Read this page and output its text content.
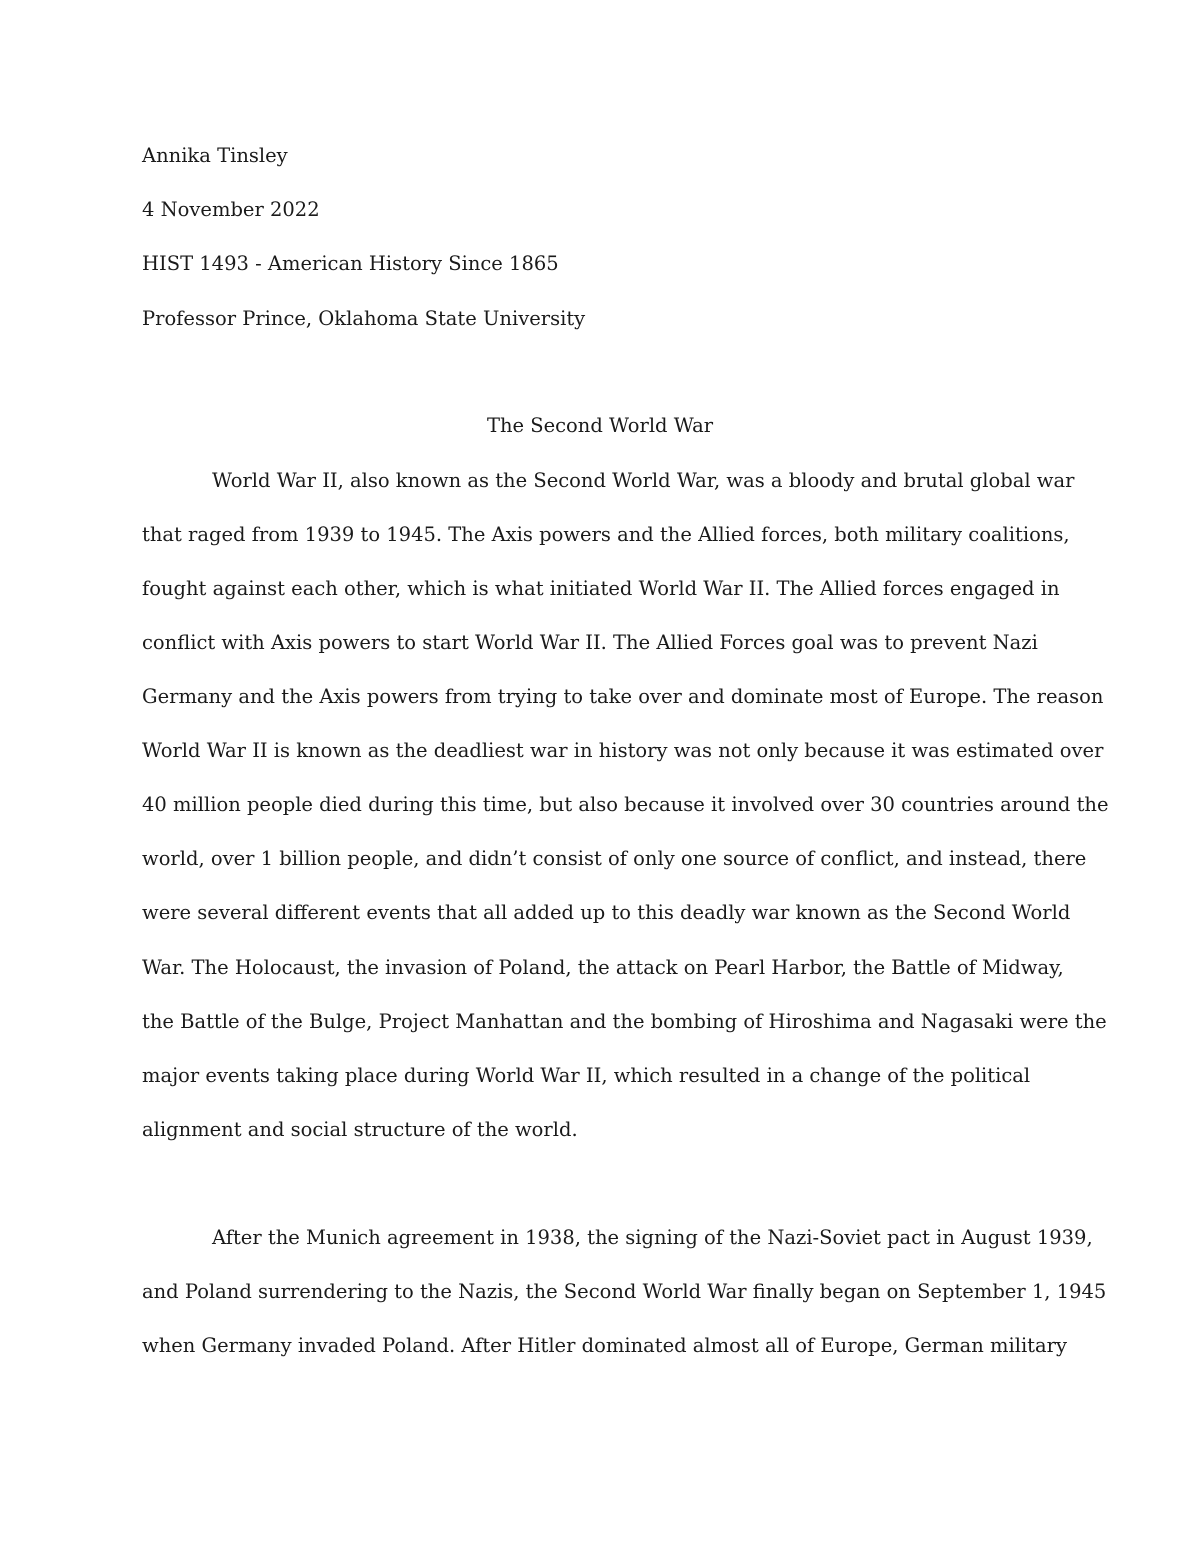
Annika Tinsley
4 November 2022
HIST 1493 - American History Since 1865
Professor Prince, Oklahoma State University
The Second World War
World War II, also known as the Second World War, was a bloody and brutal global war
that raged from 1939 to 1945. The Axis powers and the Allied forces, both military coalitions,
fought against each other, which is what initiated World War II. The Allied forces engaged in
conflict with Axis powers to start World War II. The Allied Forces goal was to prevent Nazi
Germany and the Axis powers from trying to take over and dominate most of Europe. The reason
World War II is known as the deadliest war in history was not only because it was estimated over
40 million people died during this time, but also because it involved over 30 countries around the
world, over 1 billion people, and didn’t consist of only one source of conflict, and instead, there
were several different events that all added up to this deadly war known as the Second World
War. The Holocaust, the invasion of Poland, the attack on Pearl Harbor, the Battle of Midway,
the Battle of the Bulge, Project Manhattan and the bombing of Hiroshima and Nagasaki were the
major events taking place during World War II, which resulted in a change of the political
alignment and social structure of the world.
After the Munich agreement in 1938, the signing of the Nazi-Soviet pact in August 1939,
and Poland surrendering to the Nazis, the Second World War finally began on September 1, 1945
when Germany invaded Poland. After Hitler dominated almost all of Europe, German military
